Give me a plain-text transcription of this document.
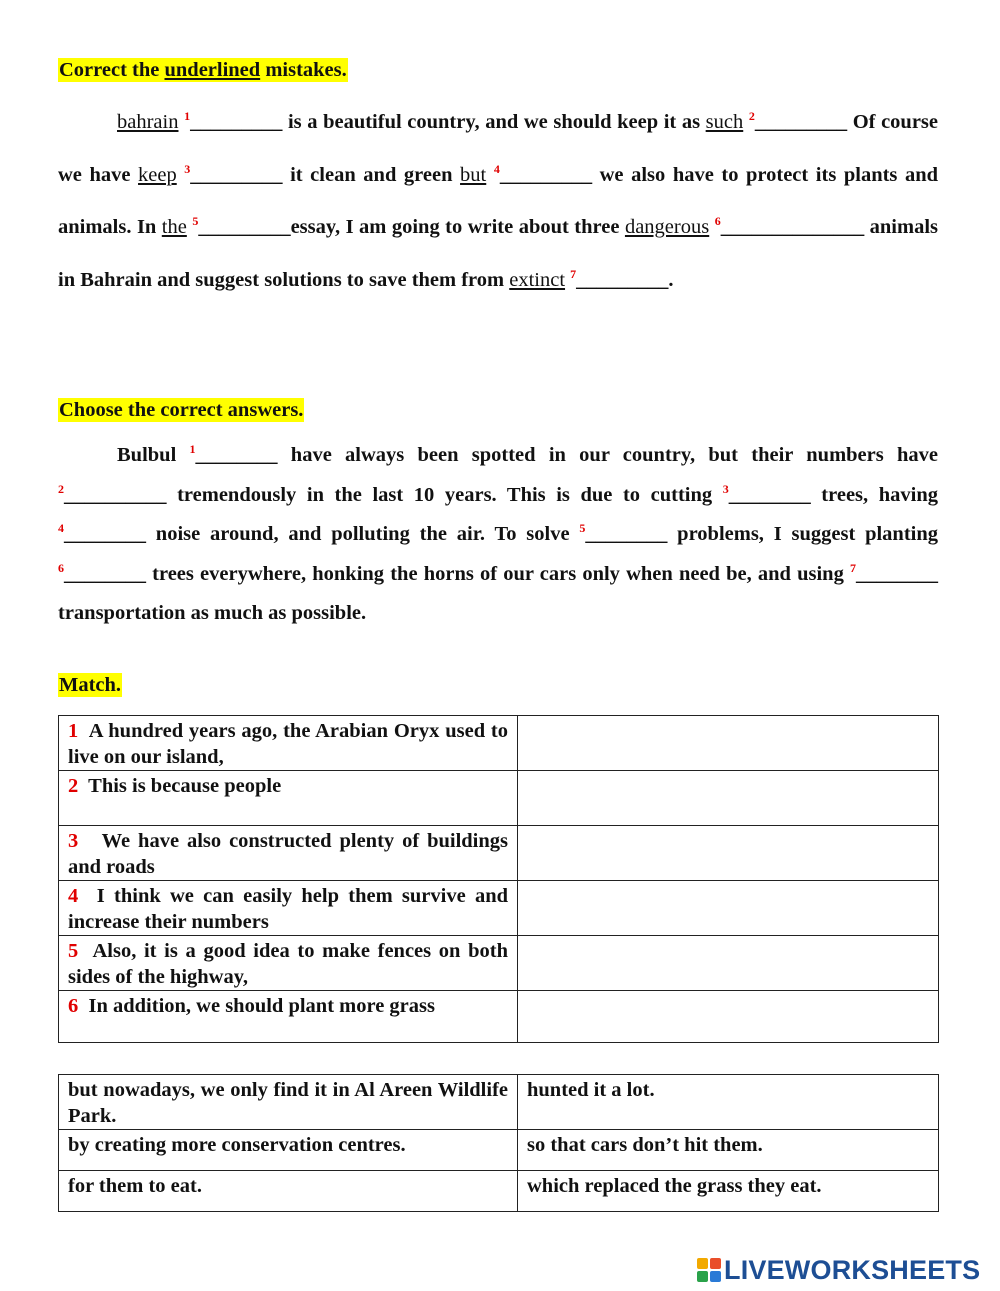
Correct the underlined mistakes.

bahrain $^1$_________ is a beautiful country, and we should keep it as such $^2$_________ Of course we have keep $^3$_________ it clean and green but $^4$_________ we also have to protect its plants and animals. In the $^5$_________essay, I am going to write about three dangerous $^6$______________ animals in Bahrain and suggest solutions to save them from extinct $^7$_________.

Choose the correct answers.

Bulbul $^1$________ have always been spotted in our country, but their numbers have $^2$__________ tremendously in the last 10 years. This is due to cutting $^3$________ trees, having $^4$________ noise around, and polluting the air. To solve $^5$________ problems, I suggest planting $^6$________ trees everywhere, honking the horns of our cars only when need be, and using $^7$________ transportation as much as possible.

Match.

1 A hundred years ago, the Arabian Oryx used to live on our island,	
2 This is because people	
3 We have also constructed plenty of buildings and roads	
4 I think we can easily help them survive and increase their numbers	
5 Also, it is a good idea to make fences on both sides of the highway,	
6 In addition, we should plant more grass	
but nowadays, we only find it in Al Areen Wildlife Park.	hunted it a lot.
by creating more conservation centres.	so that cars don’t hit them.
for them to eat.	which replaced the grass they eat.
LIVEWORKSHEETS
